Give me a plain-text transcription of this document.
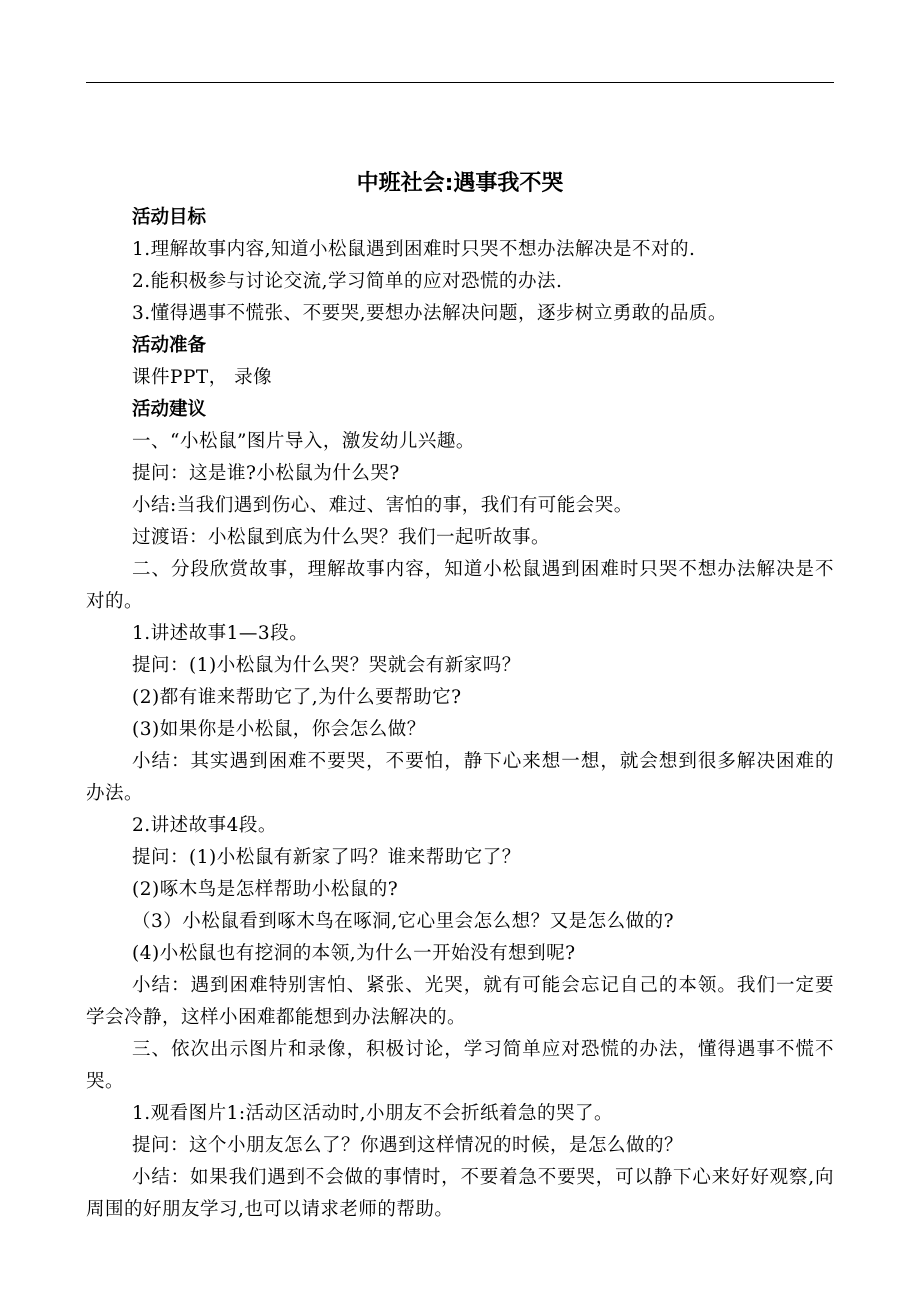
中班社会:遇事我不哭
活动目标

1.理解故事内容,知道小松鼠遇到困难时只哭不想办法解决是不对的.

2.能积极参与讨论交流,学习简单的应对恐慌的办法.

3.懂得遇事不慌张、不要哭,要想办法解决问题，逐步树立勇敢的品质。

活动准备

课件PPT， 录像

活动建议

一、“小松鼠”图片导入，激发幼儿兴趣。

提问：这是谁?小松鼠为什么哭?

小结:当我们遇到伤心、难过、害怕的事，我们有可能会哭。

过渡语：小松鼠到底为什么哭？我们一起听故事。

二、分段欣赏故事，理解故事内容，知道小松鼠遇到困难时只哭不想办法解决是不对的。

1.讲述故事1—3段。

提问：(1)小松鼠为什么哭？哭就会有新家吗？

(2)都有谁来帮助它了,为什么要帮助它?

(3)如果你是小松鼠，你会怎么做？

小结：其实遇到困难不要哭，不要怕，静下心来想一想，就会想到很多解决困难的办法。

2.讲述故事4段。

提问：(1)小松鼠有新家了吗？谁来帮助它了？

(2)啄木鸟是怎样帮助小松鼠的?

（3）小松鼠看到啄木鸟在啄洞,它心里会怎么想？又是怎么做的?

(4)小松鼠也有挖洞的本领,为什么一开始没有想到呢?

小结：遇到困难特别害怕、紧张、光哭，就有可能会忘记自己的本领。我们一定要学会冷静，这样小困难都能想到办法解决的。

三、依次出示图片和录像，积极讨论，学习简单应对恐慌的办法，懂得遇事不慌不哭。

1.观看图片1:活动区活动时,小朋友不会折纸着急的哭了。

提问：这个小朋友怎么了？你遇到这样情况的时候，是怎么做的？

小结：如果我们遇到不会做的事情时，不要着急不要哭，可以静下心来好好观察,向周围的好朋友学习,也可以请求老师的帮助。
